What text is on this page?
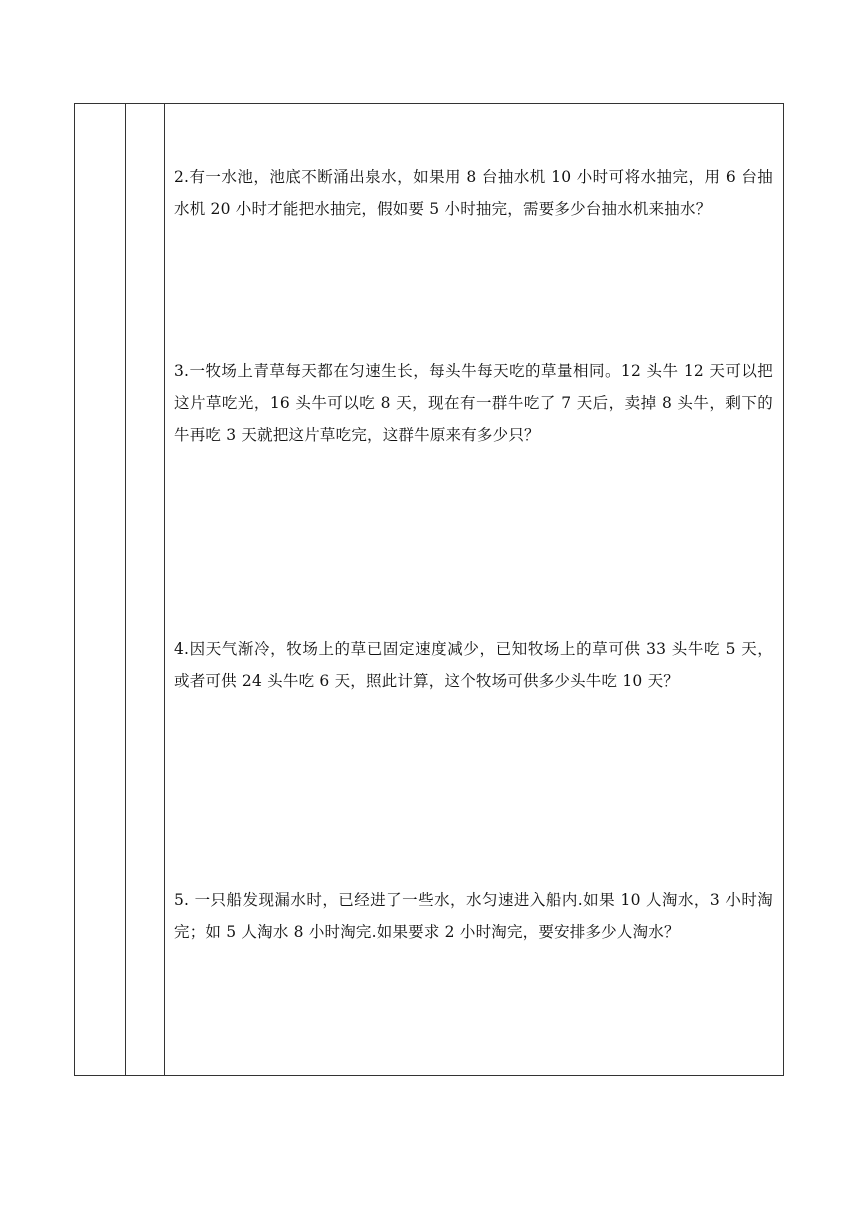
2.有一水池，池底不断涌出泉水，如果用 8 台抽水机 10 小时可将水抽完，用 6 台抽水机 20 小时才能把水抽完，假如要 5 小时抽完，需要多少台抽水机来抽水？

3.一牧场上青草每天都在匀速生长，每头牛每天吃的草量相同。12 头牛 12 天可以把这片草吃光，16 头牛可以吃 8 天，现在有一群牛吃了 7 天后，卖掉 8 头牛，剩下的牛再吃 3 天就把这片草吃完，这群牛原来有多少只？

4.因天气渐冷，牧场上的草已固定速度减少，已知牧场上的草可供 33 头牛吃 5 天，或者可供 24 头牛吃 6 天，照此计算，这个牧场可供多少头牛吃 10 天？

5. 一只船发现漏水时，已经进了一些水，水匀速进入船内.如果 10 人淘水，3 小时淘完；如 5 人淘水 8 小时淘完.如果要求 2 小时淘完，要安排多少人淘水？
